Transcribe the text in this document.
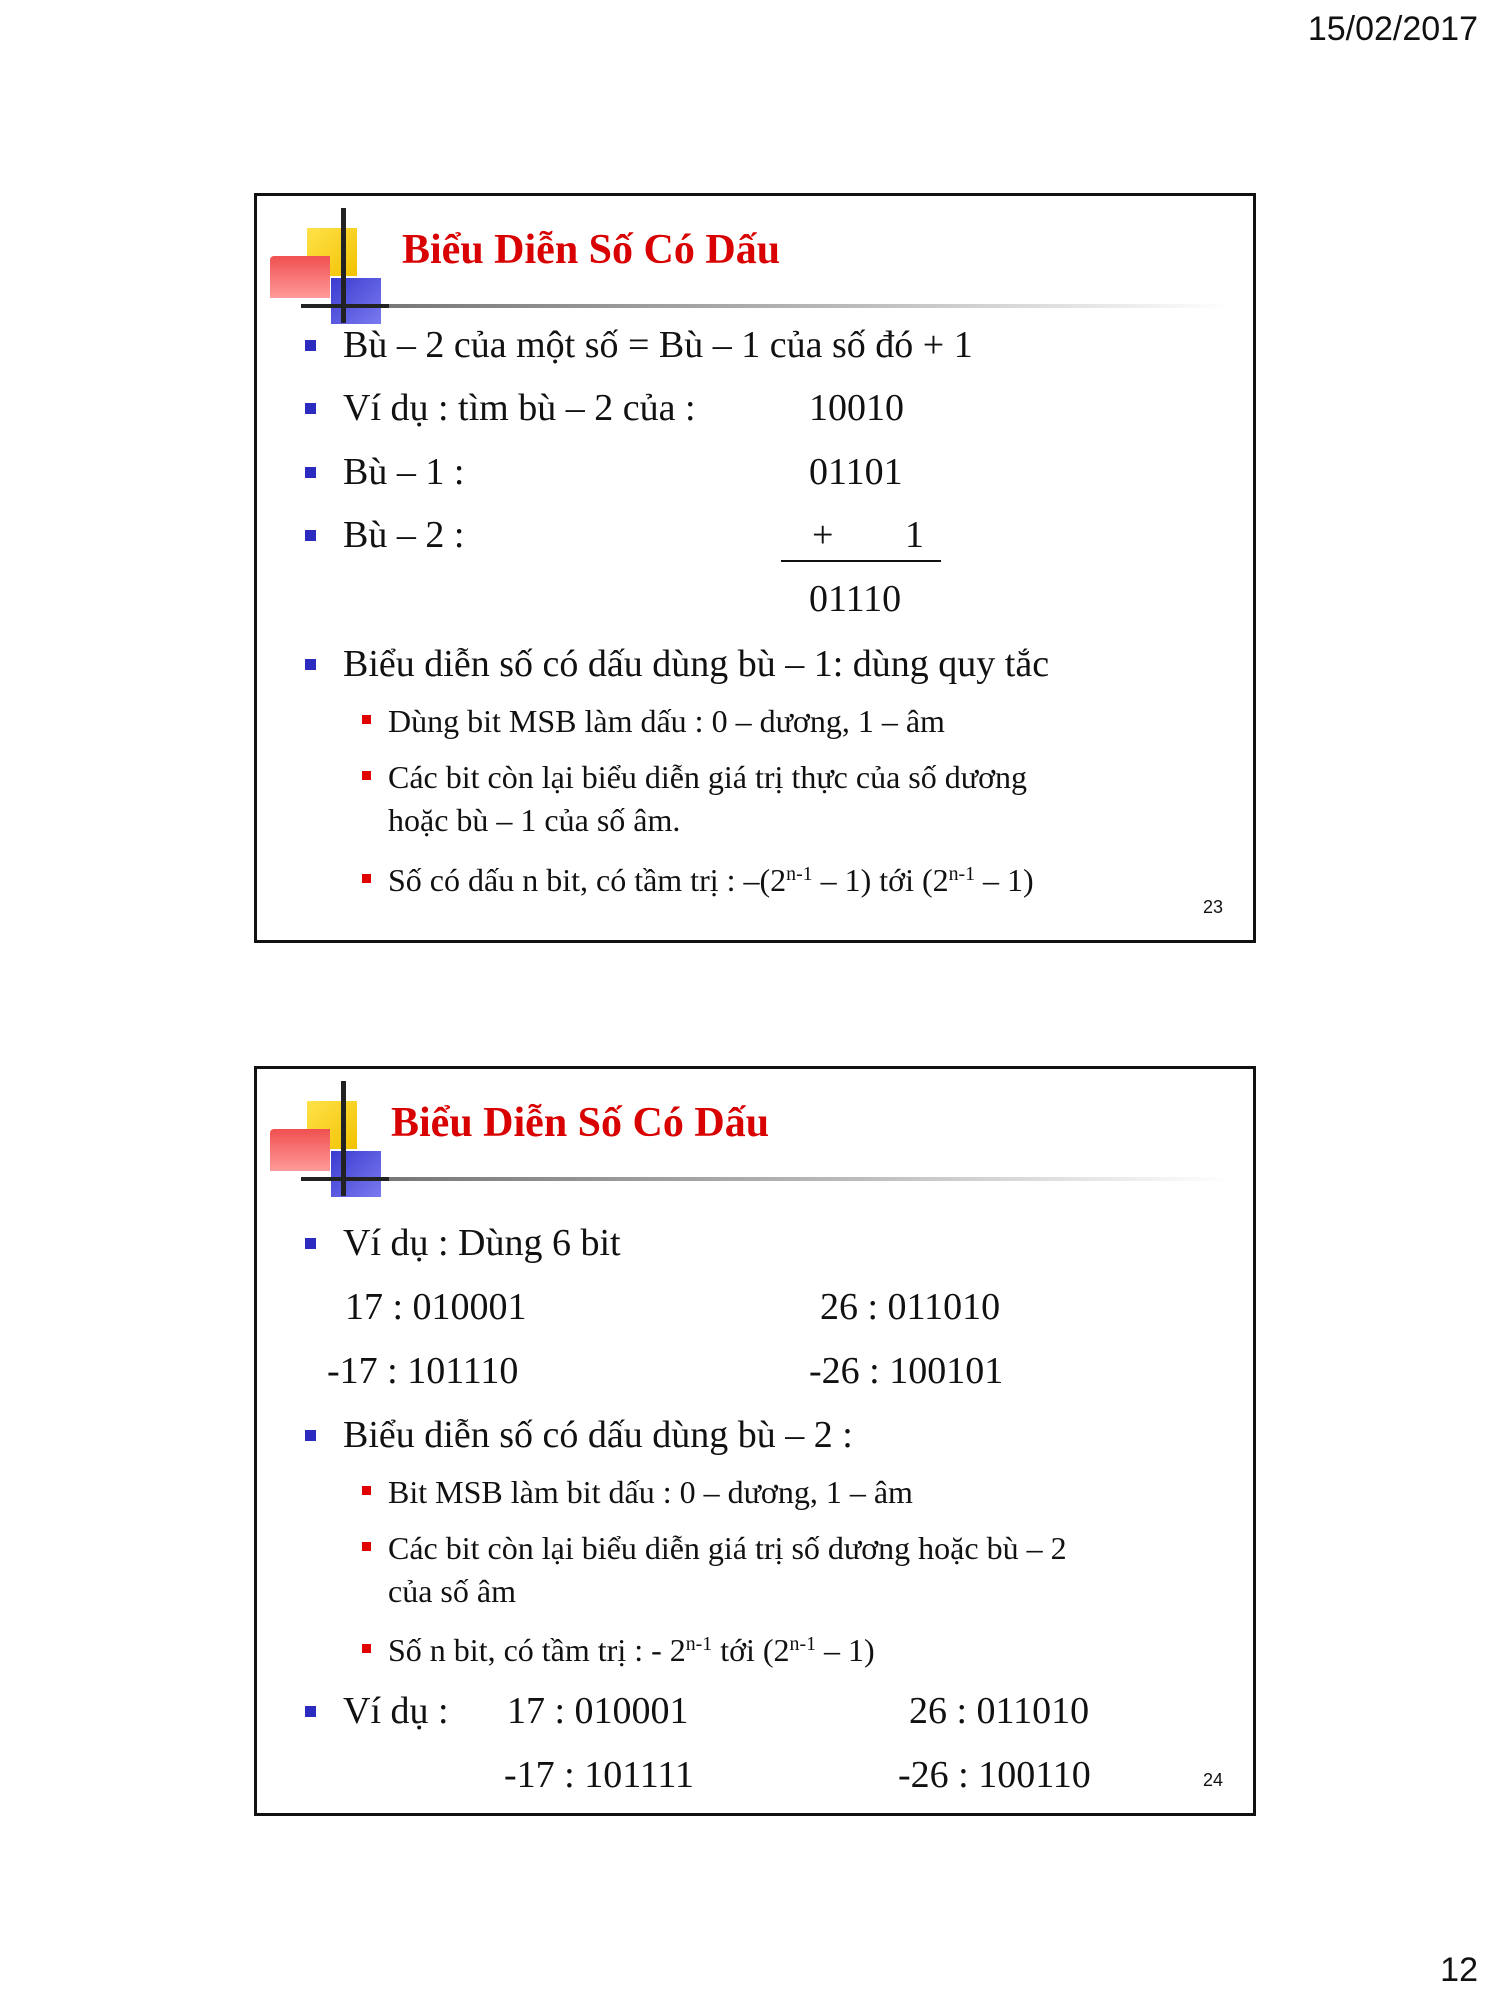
15/02/2017
Biểu Diễn Số Có Dấu
Bù – 2 của một số = Bù – 1 của số đó + 1
Ví dụ : tìm bù – 2 của :	10010
Bù – 1 :	01101
Bù – 2 :	+ 1
01110
Biểu diễn số có dấu dùng bù – 1: dùng quy tắc
Dùng bit MSB làm dấu : 0 – dương, 1 – âm
Các bit còn lại biểu diễn giá trị thực của số dương
hoặc bù – 1 của số âm.
Số có dấu n bit, có tầm trị : –(2$^{n-1}$ – 1) tới (2$^{n-1}$ – 1)
23
Biểu Diễn Số Có Dấu
Ví dụ : Dùng 6 bit
17 : 010001	26 : 011010
-17 : 101110	-26 : 100101
Biểu diễn số có dấu dùng bù – 2 :
Bit MSB làm bit dấu : 0 – dương, 1 – âm
Các bit còn lại biểu diễn giá trị số dương hoặc bù – 2
của số âm
Số n bit, có tầm trị : - 2$^{n-1}$ tới (2$^{n-1}$ – 1)
Ví dụ : 17 : 010001	26 : 011010
-17 : 101111	-26 : 100110	24
12
